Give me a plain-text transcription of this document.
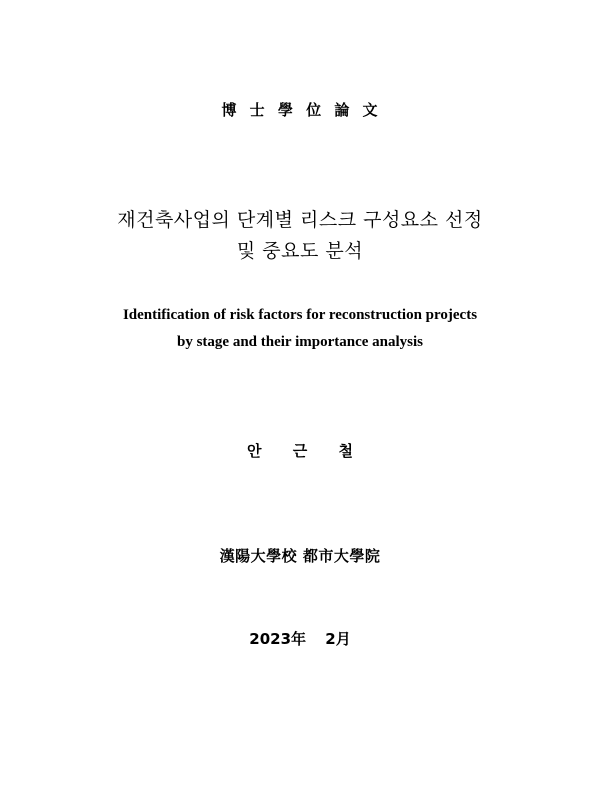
博 士 學 位 論 文
재건축사업의 단계별 리스크 구성요소 선정
및 중요도 분석
Identification of risk factors for reconstruction projects
by stage and their importance analysis
안 근 철
漢陽大學校 都市大學院
2023年 2月
